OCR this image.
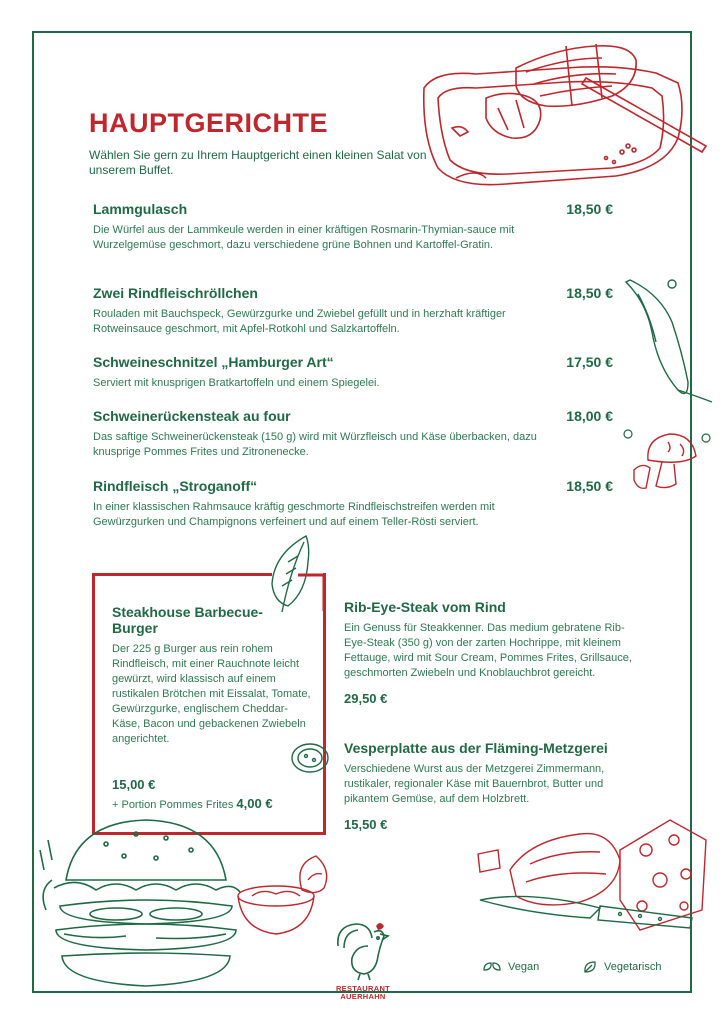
HAUPTGERICHTE
Wählen Sie gern zu Ihrem Hauptgericht einen kleinen Salat von unserem Buffet.
Lammgulasch	18,50 €
Die Würfel aus der Lammkeule werden in einer kräftigen Rosmarin-Thymian-sauce mit Wurzelgemüse geschmort, dazu verschiedene grüne Bohnen und Kartoffel-Gratin.
Zwei Rindfleischröllchen	18,50 €
Rouladen mit Bauchspeck, Gewürzgurke und Zwiebel gefüllt und in herzhaft kräftiger Rotweinsauce geschmort, mit Apfel-Rotkohl und Salzkartoffeln.
Schweineschnitzel „Hamburger Art“	17,50 €
Serviert mit knusprigen Bratkartoffeln und einem Spiegelei.
Schweinerückensteak au four	18,00 €
Das saftige Schweinerückensteak (150 g) wird mit Würzfleisch und Käse überbacken, dazu knusprige Pommes Frites und Zitronenecke.
Rindfleisch „Stroganoff“	18,50 €
In einer klassischen Rahmsauce kräftig geschmorte Rindfleischstreifen werden mit Gewürzgurken und Champignons verfeinert und auf einem Teller-Rösti serviert.
Steakhouse Barbecue-Burger
Der 225 g Burger aus rein rohem Rindfleisch, mit einer Rauchnote leicht gewürzt, wird klassisch auf einem rustikalen Brötchen mit Eissalat, Tomate, Gewürzgurke, englischem Cheddar-Käse, Bacon und gebackenen Zwiebeln angerichtet.
15,00 €
+ Portion Pommes Frites 4,00 €
Rib-Eye-Steak vom Rind
Ein Genuss für Steakkenner. Das medium gebratene Rib-Eye-Steak (350 g) von der zarten Hochrippe, mit kleinem Fettauge, wird mit Sour Cream, Pommes Frites, Grillsauce, geschmorten Zwiebeln und Knoblauchbrot gereicht.
29,50 €
Vesperplatte aus der Fläming-Metzgerei
Verschiedene Wurst aus der Metzgerei Zimmermann, rustikaler, regionaler Käse mit Bauernbrot, Butter und pikantem Gemüse, auf dem Holzbrett.
15,50 €
RESTAURANT
AUERHAHN
Vegan	Vegetarisch
